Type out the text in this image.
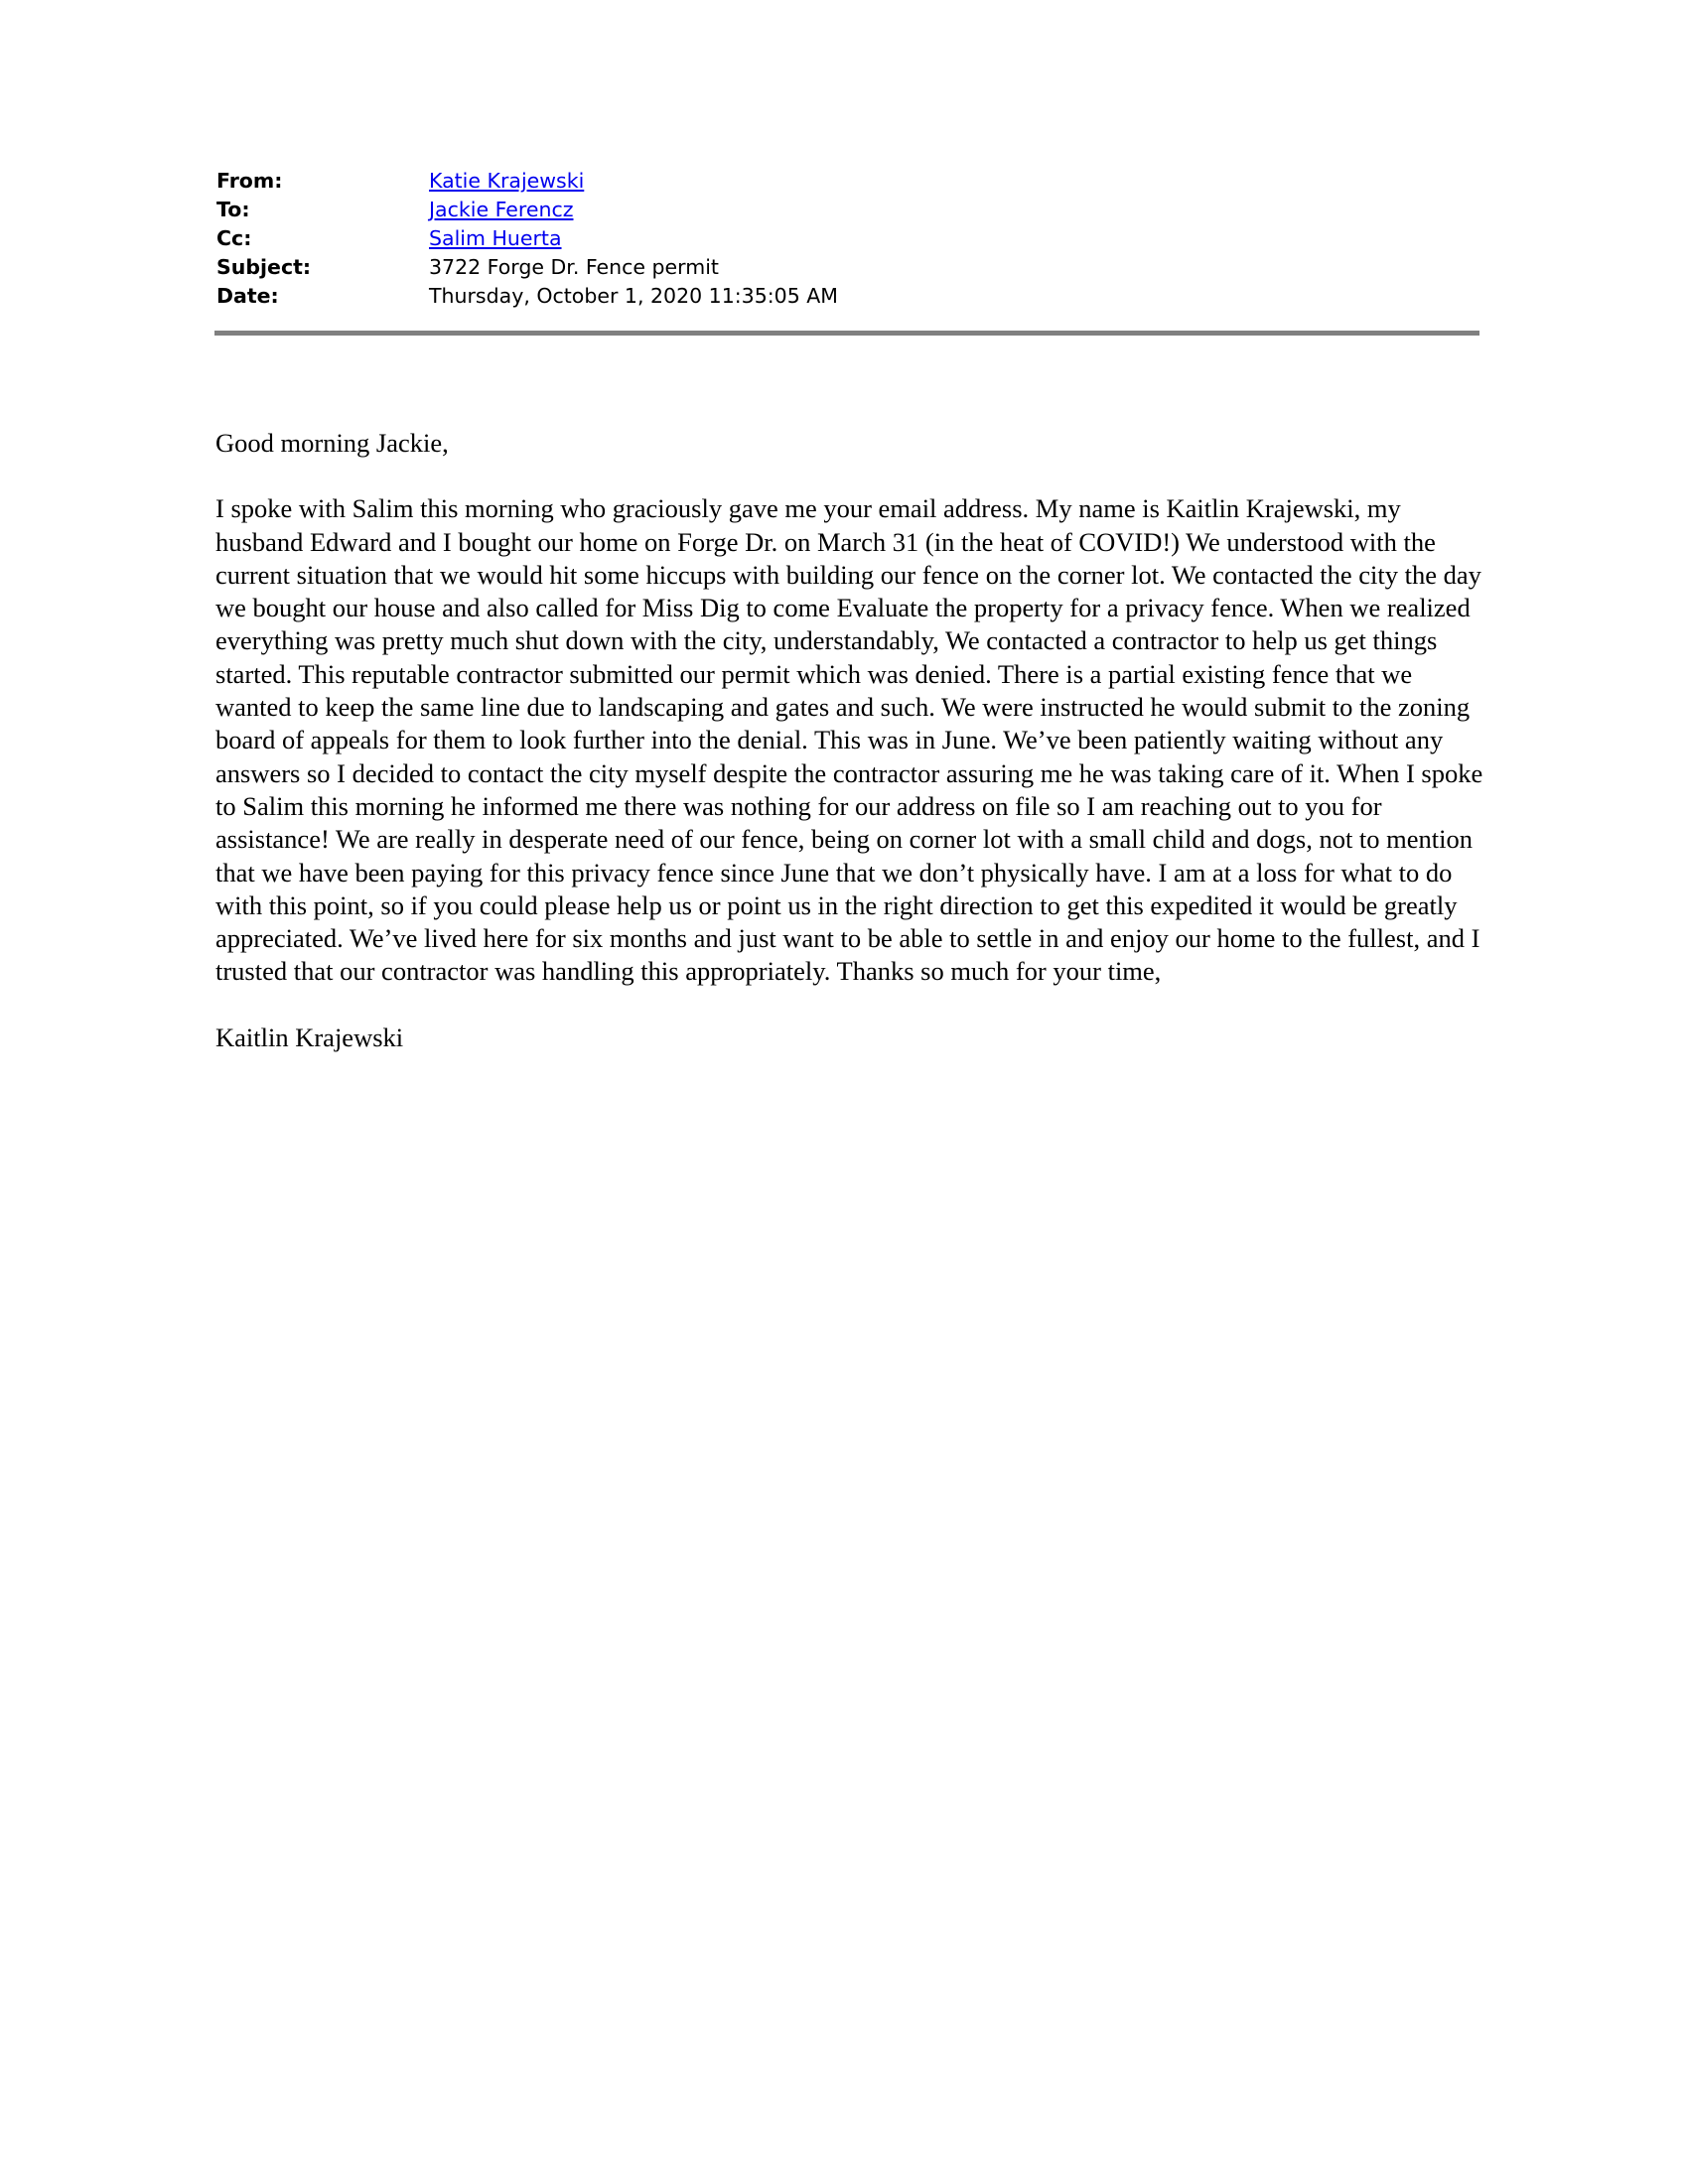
From:	Katie Krajewski
To:	Jackie Ferencz
Cc:	Salim Huerta
Subject:	3722 Forge Dr. Fence permit
Date:	Thursday, October 1, 2020 11:35:05 AM

Good morning Jackie,

I spoke with Salim this morning who graciously gave me your email address. My name is Kaitlin Krajewski, my husband Edward and I bought our home on Forge Dr. on March 31 (in the heat of COVID!) We understood with the current situation that we would hit some hiccups with building our fence on the corner lot. We contacted the city the day we bought our house and also called for Miss Dig to come Evaluate the property for a privacy fence. When we realized everything was pretty much shut down with the city, understandably, We contacted a contractor to help us get things started. This reputable contractor submitted our permit which was denied. There is a partial existing fence that we wanted to keep the same line due to landscaping and gates and such. We were instructed he would submit to the zoning board of appeals for them to look further into the denial. This was in June. We’ve been patiently waiting without any answers so I decided to contact the city myself despite the contractor assuring me he was taking care of it. When I spoke to Salim this morning he informed me there was nothing for our address on file so I am reaching out to you for assistance! We are really in desperate need of our fence, being on corner lot with a small child and dogs, not to mention that we have been paying for this privacy fence since June that we don’t physically have. I am at a loss for what to do with this point, so if you could please help us or point us in the right direction to get this expedited it would be greatly appreciated. We’ve lived here for six months and just want to be able to settle in and enjoy our home to the fullest, and I trusted that our contractor was handling this appropriately. Thanks so much for your time,

Kaitlin Krajewski
